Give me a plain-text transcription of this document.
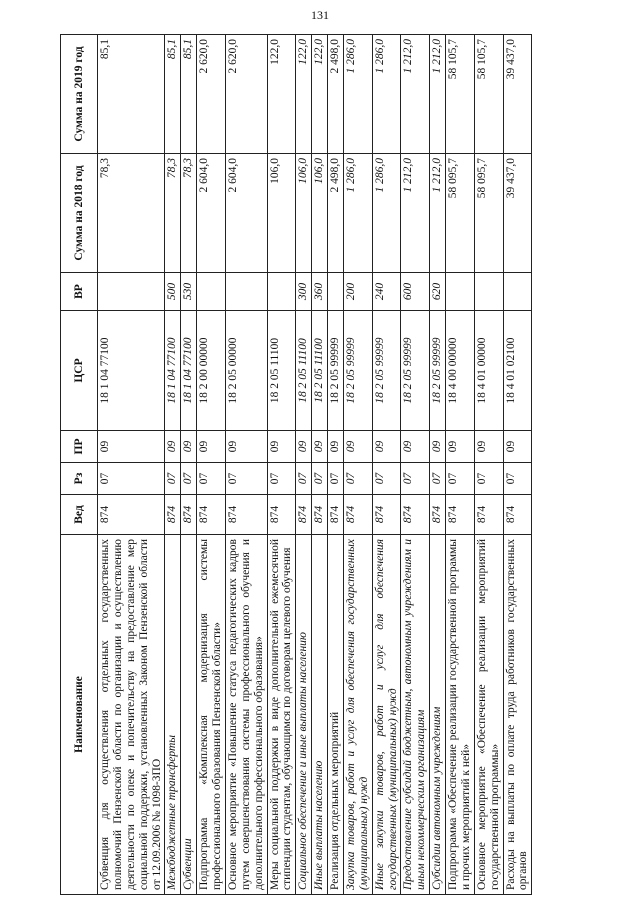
131
Наименование	Вед	Рз	ПР	ЦСР	ВР	Сумма на 2018 год	Сумма на 2019 год
Субвенция для осуществления отдельных государственных полномочий Пензенской области по организации и осуществлению деятельности по опеке и попечительству на предоставление мер социальной поддержки, установленных Законом Пензенской области от 12.09.2006 № 1098-ЗПО	874	07	09	18 1 04 77100		78,3	85,1
Межбюджетные трансферты	874	07	09	18 1 04 77100	500	78,3	85,1
Субвенции	874	07	09	18 1 04 77100	530	78,3	85,1
Подпрограмма «Комплексная модернизация системы профессионального образования Пензенской области»	874	07	09	18 2 00 00000		2 604,0	2 620,0
Основное мероприятие «Повышение статуса педагогических кадров путем совершенствования системы профессионального обучения и дополнительного профессионального образования»	874	07	09	18 2 05 00000		2 604,0	2 620,0
Меры социальной поддержки в виде дополнительной ежемесячной стипендии студентам, обучающимся по договорам целевого обучения	874	07	09	18 2 05 11100		106,0	122,0
Социальное обеспечение и иные выплаты населению	874	07	09	18 2 05 11100	300	106,0	122,0
Иные выплаты населению	874	07	09	18 2 05 11100	360	106,0	122,0
Реализация отдельных мероприятий	874	07	09	18 2 05 99999		2 498,0	2 498,0
Закупка товаров, работ и услуг для обеспечения государственных (муниципальных) нужд	874	07	09	18 2 05 99999	200	1 286,0	1 286,0
Иные закупки товаров, работ и услуг для обеспечения государственных (муниципальных) нужд	874	07	09	18 2 05 99999	240	1 286,0	1 286,0
Предоставление субсидий бюджетным, автономным учреждениям и иным некоммерческим организациям	874	07	09	18 2 05 99999	600	1 212,0	1 212,0
Субсидии автономным учреждениям	874	07	09	18 2 05 99999	620	1 212,0	1 212,0
Подпрограмма «Обеспечение реализации государственной программы и прочих мероприятий к ней»	874	07	09	18 4 00 00000		58 095,7	58 105,7
Основное мероприятие «Обеспечение реализации мероприятий государственной программы»	874	07	09	18 4 01 00000		58 095,7	58 105,7
Расходы на выплаты по оплате труда работников государственных органов	874	07	09	18 4 01 02100		39 437,0	39 437,0
